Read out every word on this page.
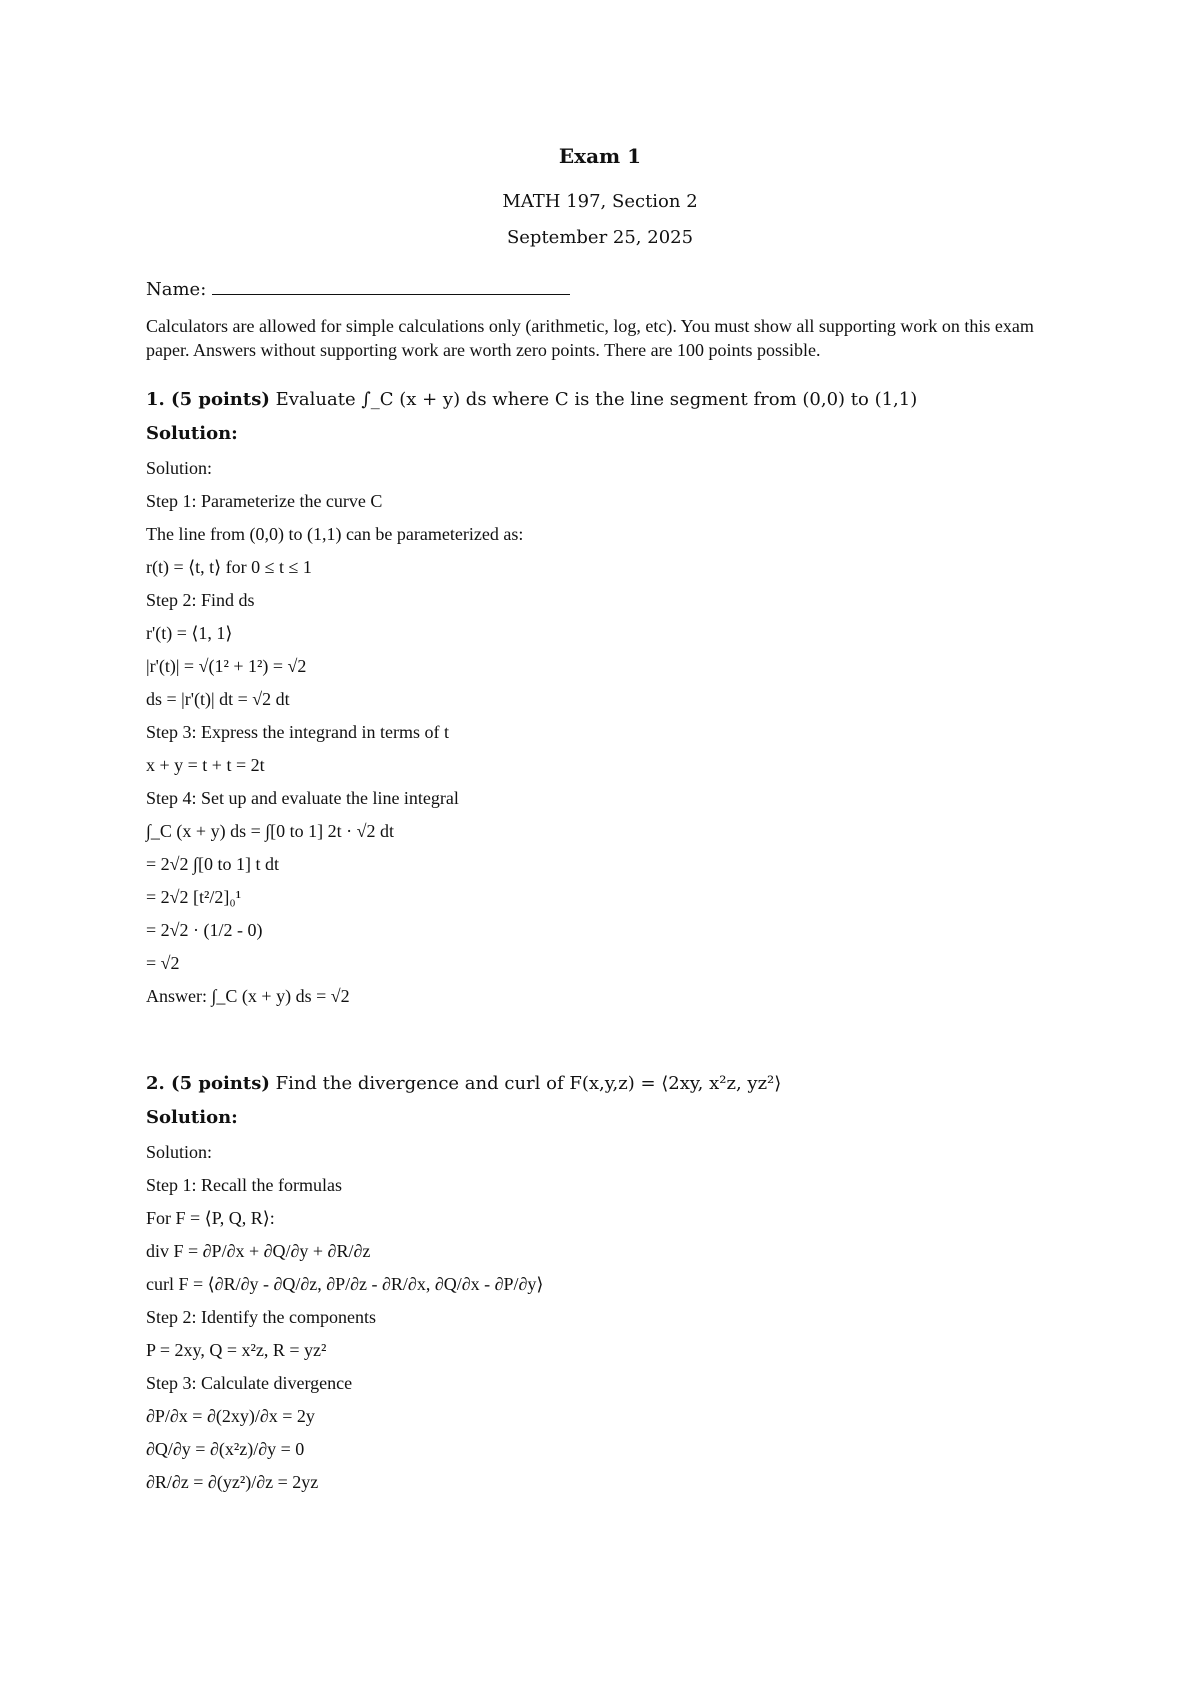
Exam 1
MATH 197, Section 2
September 25, 2025
Name:
Calculators are allowed for simple calculations only (arithmetic, log, etc). You must show all supporting work on this exam paper. Answers without supporting work are worth zero points. There are 100 points possible.
1. (5 points) Evaluate ∫_C (x + y) ds where C is the line segment from (0,0) to (1,1)
Solution:
Solution:
Step 1: Parameterize the curve C
The line from (0,0) to (1,1) can be parameterized as:
r(t) = ⟨t, t⟩ for 0 ≤ t ≤ 1
Step 2: Find ds
r'(t) = ⟨1, 1⟩
|r'(t)| = √(1² + 1²) = √2
ds = |r'(t)| dt = √2 dt
Step 3: Express the integrand in terms of t
x + y = t + t = 2t
Step 4: Set up and evaluate the line integral
∫_C (x + y) ds = ∫[0 to 1] 2t · √2 dt
= 2√2 ∫[0 to 1] t dt
= 2√2 [t²/2]₀¹
= 2√2 · (1/2 - 0)
= √2
Answer: ∫_C (x + y) ds = √2
2. (5 points) Find the divergence and curl of F(x,y,z) = ⟨2xy, x²z, yz²⟩
Solution:
Solution:
Step 1: Recall the formulas
For F = ⟨P, Q, R⟩:
div F = ∂P/∂x + ∂Q/∂y + ∂R/∂z
curl F = ⟨∂R/∂y - ∂Q/∂z, ∂P/∂z - ∂R/∂x, ∂Q/∂x - ∂P/∂y⟩
Step 2: Identify the components
P = 2xy, Q = x²z, R = yz²
Step 3: Calculate divergence
∂P/∂x = ∂(2xy)/∂x = 2y
∂Q/∂y = ∂(x²z)/∂y = 0
∂R/∂z = ∂(yz²)/∂z = 2yz
